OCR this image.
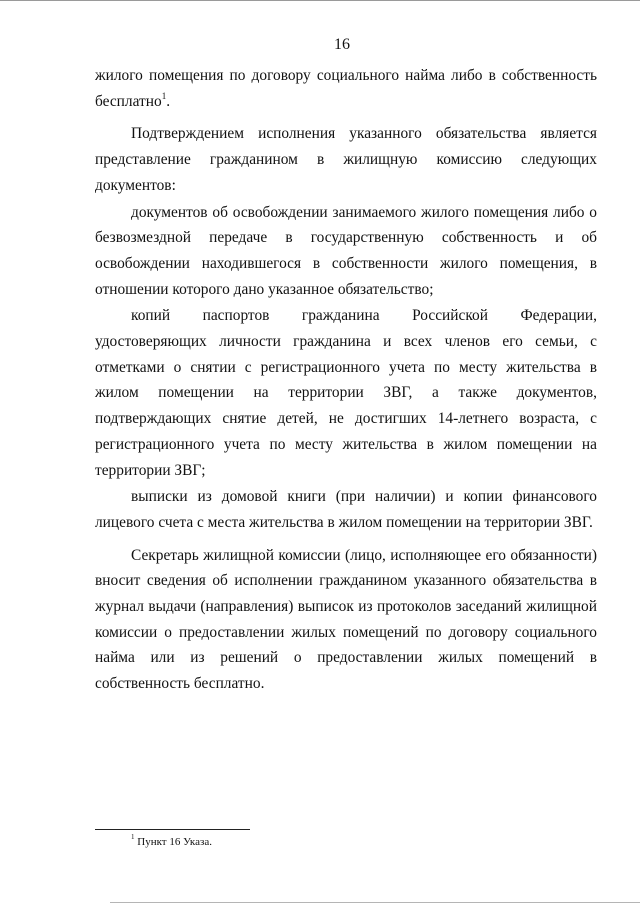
16

жилого помещения по договору социального найма либо в собственность бесплатно$^1$.

Подтверждением исполнения указанного обязательства является представление гражданином в жилищную комиссию следующих документов:

документов об освобождении занимаемого жилого помещения либо о безвозмездной передаче в государственную собственность и об освобождении находившегося в собственности жилого помещения, в отношении которого дано указанное обязательство;

копий паспортов гражданина Российской Федерации, удостоверяющих личности гражданина и всех членов его семьи, с отметками о снятии с регистрационного учета по месту жительства в жилом помещении на территории ЗВГ, а также документов, подтверждающих снятие детей, не достигших 14-летнего возраста, с регистрационного учета по месту жительства в жилом помещении на территории ЗВГ;

выписки из домовой книги (при наличии) и копии финансового лицевого счета с места жительства в жилом помещении на территории ЗВГ.

Секретарь жилищной комиссии (лицо, исполняющее его обязанности) вносит сведения об исполнении гражданином указанного обязательства в журнал выдачи (направления) выписок из протоколов заседаний жилищной комиссии о предоставлении жилых помещений по договору социального найма или из решений о предоставлении жилых помещений в собственность бесплатно.

$^1$ Пункт 16 Указа.
